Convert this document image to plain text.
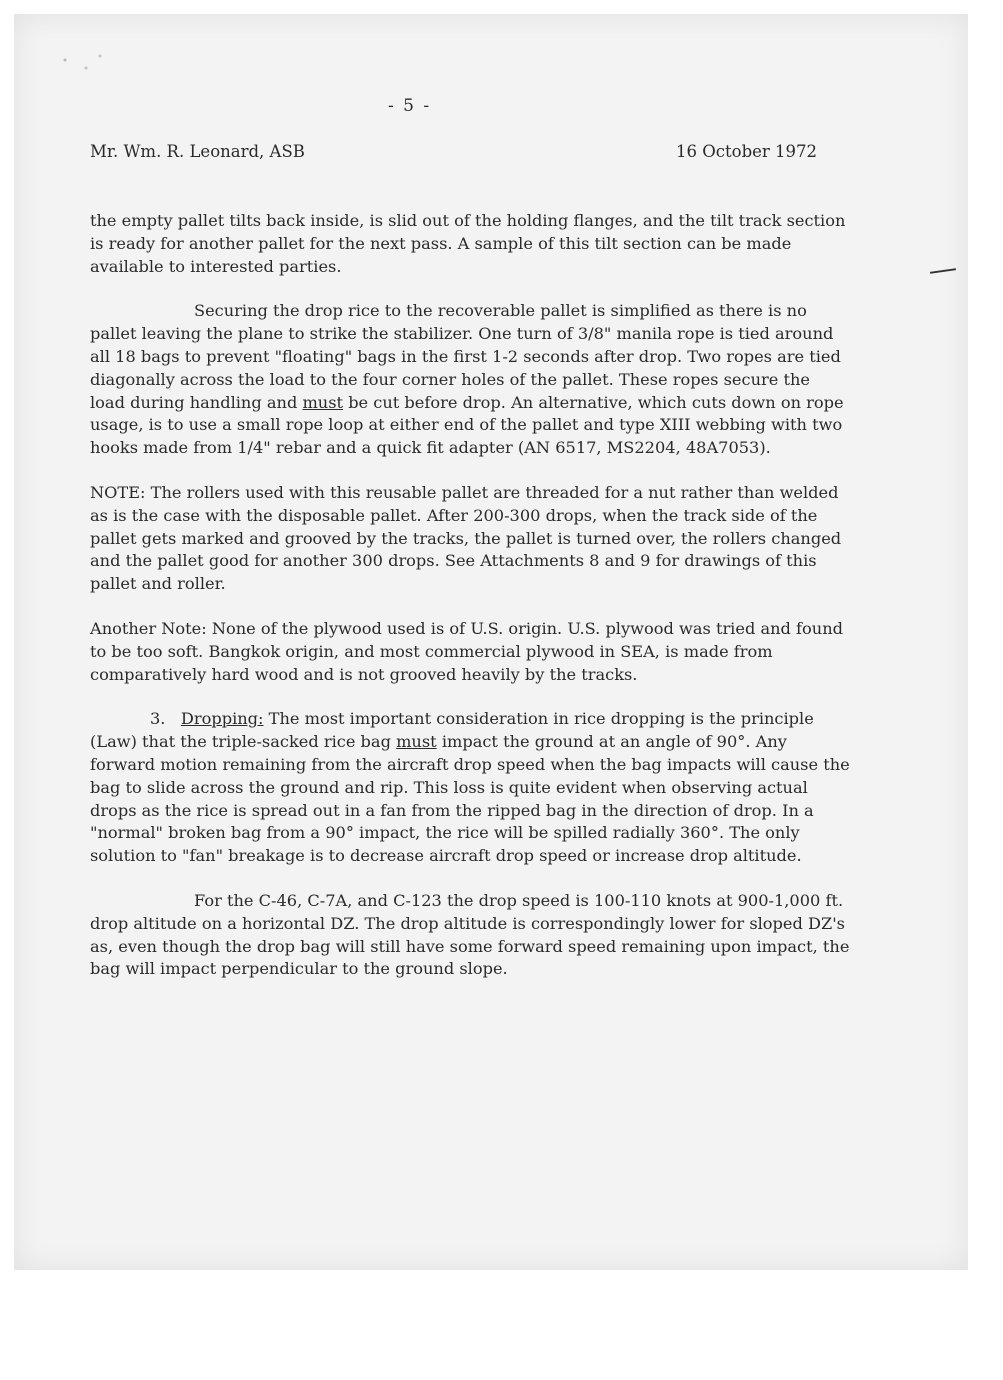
- 5 -
Mr. Wm. R. Leonard, ASB	16 October 1972

the empty pallet tilts back inside, is slid out of the holding flanges, and the tilt track section is ready for another pallet for the next pass. A sample of this tilt section can be made available to interested parties.

Securing the drop rice to the recoverable pallet is simplified as there is no pallet leaving the plane to strike the stabilizer. One turn of 3/8" manila rope is tied around all 18 bags to prevent "floating" bags in the first 1-2 seconds after drop. Two ropes are tied diagonally across the load to the four corner holes of the pallet. These ropes secure the load during handling and must be cut before drop. An alternative, which cuts down on rope usage, is to use a small rope loop at either end of the pallet and type XIII webbing with two hooks made from 1/4" rebar and a quick fit adapter (AN 6517, MS2204, 48A7053).

NOTE: The rollers used with this reusable pallet are threaded for a nut rather than welded as is the case with the disposable pallet. After 200-300 drops, when the track side of the pallet gets marked and grooved by the tracks, the pallet is turned over, the rollers changed and the pallet good for another 300 drops. See Attachments 8 and 9 for drawings of this pallet and roller.

Another Note: None of the plywood used is of U.S. origin. U.S. plywood was tried and found to be too soft. Bangkok origin, and most commercial plywood in SEA, is made from comparatively hard wood and is not grooved heavily by the tracks.

3. Dropping: The most important consideration in rice dropping is the principle (Law) that the triple-sacked rice bag must impact the ground at an angle of 90°. Any forward motion remaining from the aircraft drop speed when the bag impacts will cause the bag to slide across the ground and rip. This loss is quite evident when observing actual drops as the rice is spread out in a fan from the ripped bag in the direction of drop. In a "normal" broken bag from a 90° impact, the rice will be spilled radially 360°. The only solution to "fan" breakage is to decrease aircraft drop speed or increase drop altitude.

For the C-46, C-7A, and C-123 the drop speed is 100-110 knots at 900-1,000 ft. drop altitude on a horizontal DZ. The drop altitude is correspondingly lower for sloped DZ's as, even though the drop bag will still have some forward speed remaining upon impact, the bag will impact perpendicular to the ground slope.
